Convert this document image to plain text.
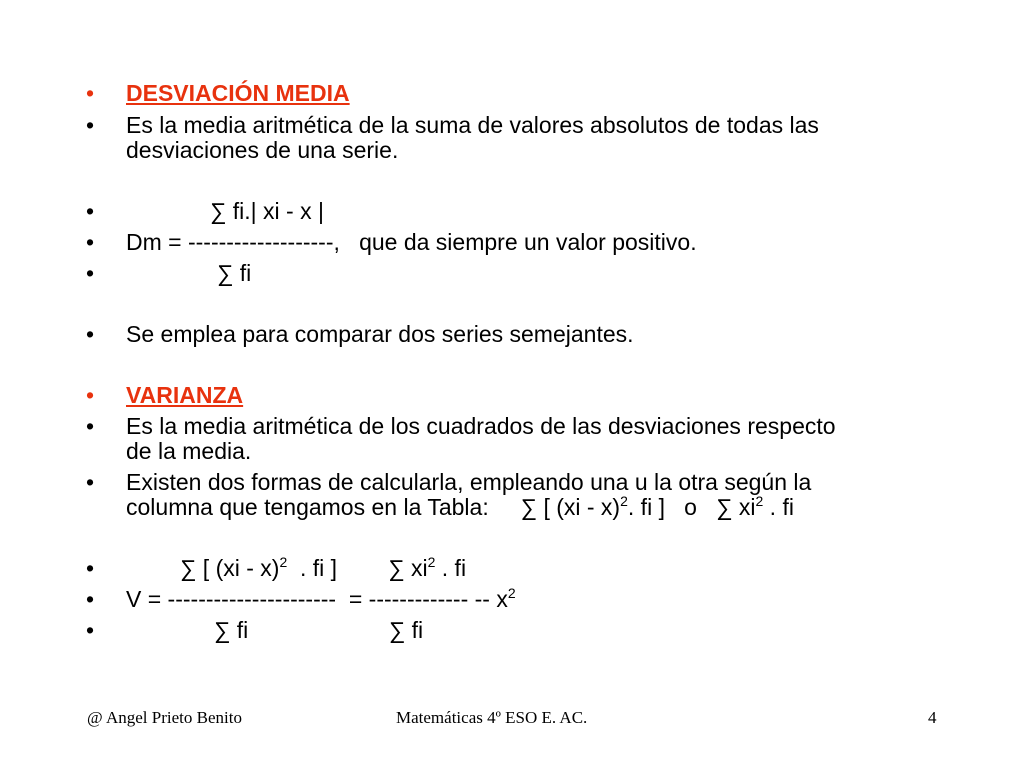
•	DESVIACIÓN MEDIA
•	Es la media aritmética de la suma de valores absolutos de todas las
desviaciones de una serie.
•	∑ fi.| xi - x |
•	Dm = -------------------,   que da siempre un valor positivo.
•	∑ fi
•	Se emplea para comparar dos series semejantes.
•	VARIANZA
•	Es la media aritmética de los cuadrados de las desviaciones respecto
de la media.
•	Existen dos formas de calcularla, empleando una u la otra según la
columna que tengamos en la Tabla:     ∑ [ (xi - x)$^2$. fi ]   o   ∑ $xi^2$ . fi
•	∑ [ (xi - x)$^2$  . fi ]        ∑ $xi^2$ . fi
•	V = ----------------------  = ------------- -- $x^2$
•	∑ fi                      ∑ fi
@ Angel Prieto Benito	Matemáticas 4º ESO E. AC.	4
